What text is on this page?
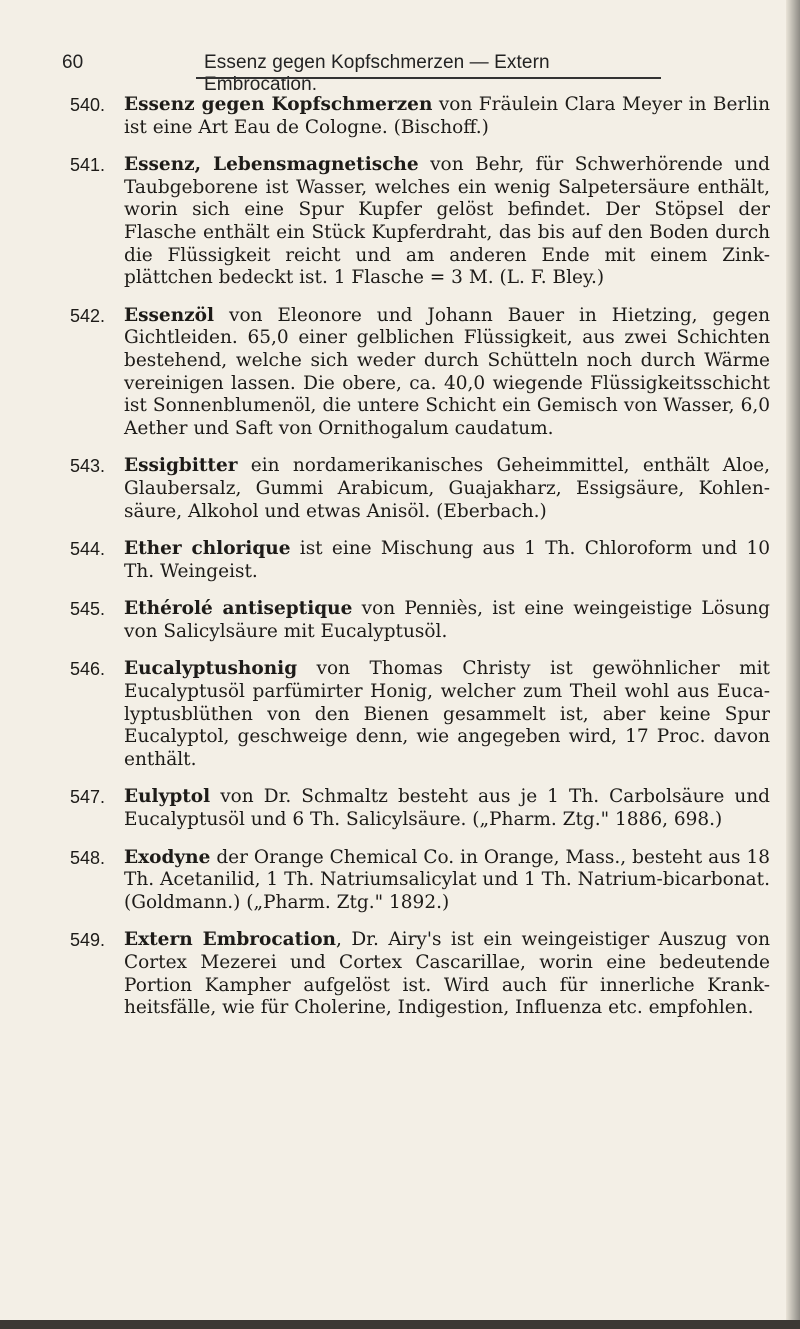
60	Essenz gegen Kopfschmerzen — Extern Embrocation.
540. Essenz gegen Kopfschmerzen von Fräulein Clara Meyer in Berlin ist eine Art Eau de Cologne. (Bischoff.)
541. Essenz, Lebensmagnetische von Behr, für Schwerhörende und Taubgeborene ist Wasser, welches ein wenig Salpetersäure enthält, worin sich eine Spur Kupfer gelöst befindet. Der Stöpsel der Flasche enthält ein Stück Kupferdraht, das bis auf den Boden durch die Flüssigkeit reicht und am anderen Ende mit einem Zink-plättchen bedeckt ist. 1 Flasche = 3 M. (L. F. Bley.)
542. Essenzöl von Eleonore und Johann Bauer in Hietzing, gegen Gichtleiden. 65,0 einer gelblichen Flüssigkeit, aus zwei Schichten bestehend, welche sich weder durch Schütteln noch durch Wärme vereinigen lassen. Die obere, ca. 40,0 wiegende Flüssigkeitsschicht ist Sonnenblumenöl, die untere Schicht ein Gemisch von Wasser, 6,0 Aether und Saft von Ornithogalum caudatum.
543. Essigbitter ein nordamerikanisches Geheimmittel, enthält Aloe, Glaubersalz, Gummi Arabicum, Guajakharz, Essigsäure, Kohlen-säure, Alkohol und etwas Anisöl. (Eberbach.)
544. Ether chlorique ist eine Mischung aus 1 Th. Chloroform und 10 Th. Weingeist.
545. Ethérolé antiseptique von Penniès, ist eine weingeistige Lösung von Salicylsäure mit Eucalyptusöl.
546. Eucalyptushonig von Thomas Christy ist gewöhnlicher mit Eucalyptusöl parfümirter Honig, welcher zum Theil wohl aus Euca-lyptusblüthen von den Bienen gesammelt ist, aber keine Spur Eucalyptol, geschweige denn, wie angegeben wird, 17 Proc. davon enthält.
547. Eulyptol von Dr. Schmaltz besteht aus je 1 Th. Carbolsäure und Eucalyptusöl und 6 Th. Salicylsäure. („Pharm. Ztg." 1886, 698.)
548. Exodyne der Orange Chemical Co. in Orange, Mass., besteht aus 18 Th. Acetanilid, 1 Th. Natriumsalicylat und 1 Th. Natrium-bicarbonat. (Goldmann.) („Pharm. Ztg." 1892.)
549. Extern Embrocation, Dr. Airy's ist ein weingeistiger Auszug von Cortex Mezerei und Cortex Cascarillae, worin eine bedeutende Portion Kampher aufgelöst ist. Wird auch für innerliche Krank-heitsfälle, wie für Cholerine, Indigestion, Influenza etc. empfohlen.
